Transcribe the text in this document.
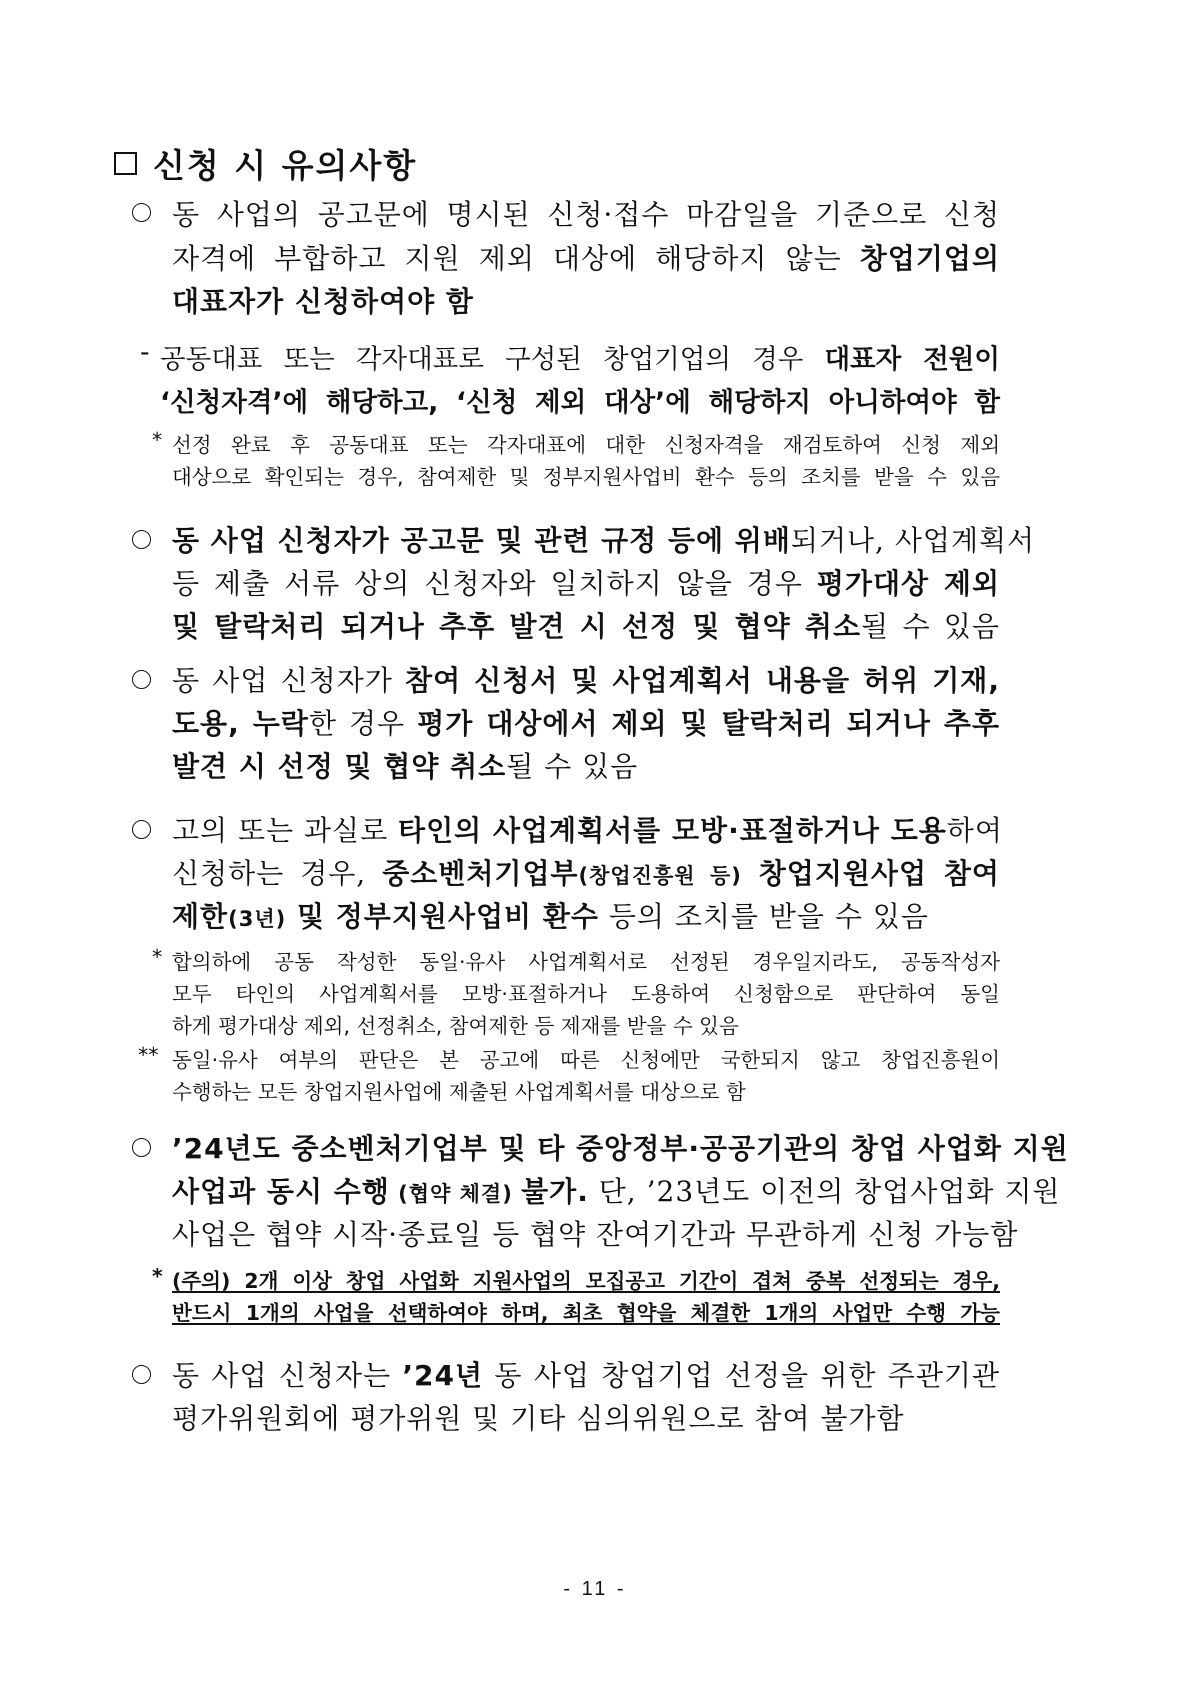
신청 시 유의사항
동 사업의 공고문에 명시된 신청·접수 마감일을 기준으로 신청
자격에 부합하고 지원 제외 대상에 해당하지 않는 창업기업의
대표자가 신청하여야 함
- 공동대표 또는 각자대표로 구성된 창업기업의 경우 대표자 전원이
‘신청자격’에 해당하고, ‘신청 제외 대상’에 해당하지 아니하여야 함
* 선정 완료 후 공동대표 또는 각자대표에 대한 신청자격을 재검토하여 신청 제외
대상으로 확인되는 경우, 참여제한 및 정부지원사업비 환수 등의 조치를 받을 수 있음
동 사업 신청자가 공고문 및 관련 규정 등에 위배되거나, 사업계획서
등 제출 서류 상의 신청자와 일치하지 않을 경우 평가대상 제외
및 탈락처리 되거나 추후 발견 시 선정 및 협약 취소될 수 있음
동 사업 신청자가 참여 신청서 및 사업계획서 내용을 허위 기재,
도용, 누락한 경우 평가 대상에서 제외 및 탈락처리 되거나 추후
발견 시 선정 및 협약 취소될 수 있음
고의 또는 과실로 타인의 사업계획서를 모방·표절하거나 도용하여
신청하는 경우, 중소벤처기업부(창업진흥원 등) 창업지원사업 참여
제한(3년) 및 정부지원사업비 환수 등의 조치를 받을 수 있음
* 합의하에 공동 작성한 동일·유사 사업계획서로 선정된 경우일지라도, 공동작성자
모두 타인의 사업계획서를 모방·표절하거나 도용하여 신청함으로 판단하여 동일
하게 평가대상 제외, 선정취소, 참여제한 등 제재를 받을 수 있음
** 동일·유사 여부의 판단은 본 공고에 따른 신청에만 국한되지 않고 창업진흥원이
수행하는 모든 창업지원사업에 제출된 사업계획서를 대상으로 함
’24년도 중소벤처기업부 및 타 중앙정부·공공기관의 창업 사업화 지원
사업과 동시 수행 (협약 체결) 불가. 단, ’23년도 이전의 창업사업화 지원
사업은 협약 시작·종료일 등 협약 잔여기간과 무관하게 신청 가능함
* (주의) 2개 이상 창업 사업화 지원사업의 모집공고 기간이 겹쳐 중복 선정되는 경우,
반드시 1개의 사업을 선택하여야 하며, 최초 협약을 체결한 1개의 사업만 수행 가능
동 사업 신청자는 ’24년 동 사업 창업기업 선정을 위한 주관기관
평가위원회에 평가위원 및 기타 심의위원으로 참여 불가함
- 11 -
